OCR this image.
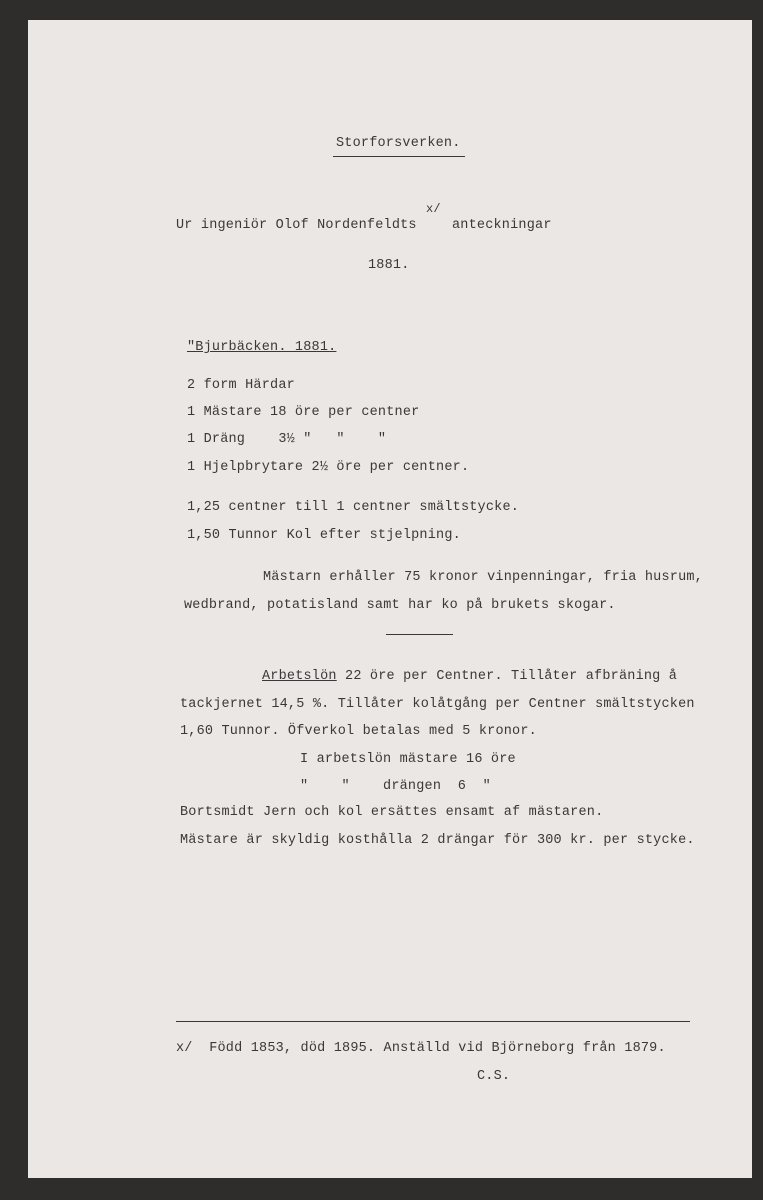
Storforsverken.
Ur ingeniör Olof Nordenfeldts
x/
anteckningar
1881.
"Bjurbäcken. 1881.
2 form Härdar
1 Mästare 18 öre per centner
1 Dräng    3½ "   "    "
1 Hjelpbrytare 2½ öre per centner.
1,25 centner till 1 centner smältstycke.
1,50 Tunnor Kol efter stjelpning.
Mästarn erhåller 75 kronor vinpenningar, fria husrum,
wedbrand, potatisland samt har ko på brukets skogar.
Arbetslön 22 öre per Centner. Tillåter afbräning å
tackjernet 14,5 %. Tillåter kolåtgång per Centner smältstycken
1,60 Tunnor. Öfverkol betalas med 5 kronor.
I arbetslön mästare 16 öre
"    "    drängen  6  "
Bortsmidt Jern och kol ersättes ensamt af mästaren.
Mästare är skyldig kosthålla 2 drängar för 300 kr. per stycke.
x/  Född 1853, död 1895. Anställd vid Björneborg från 1879.
C.S.
